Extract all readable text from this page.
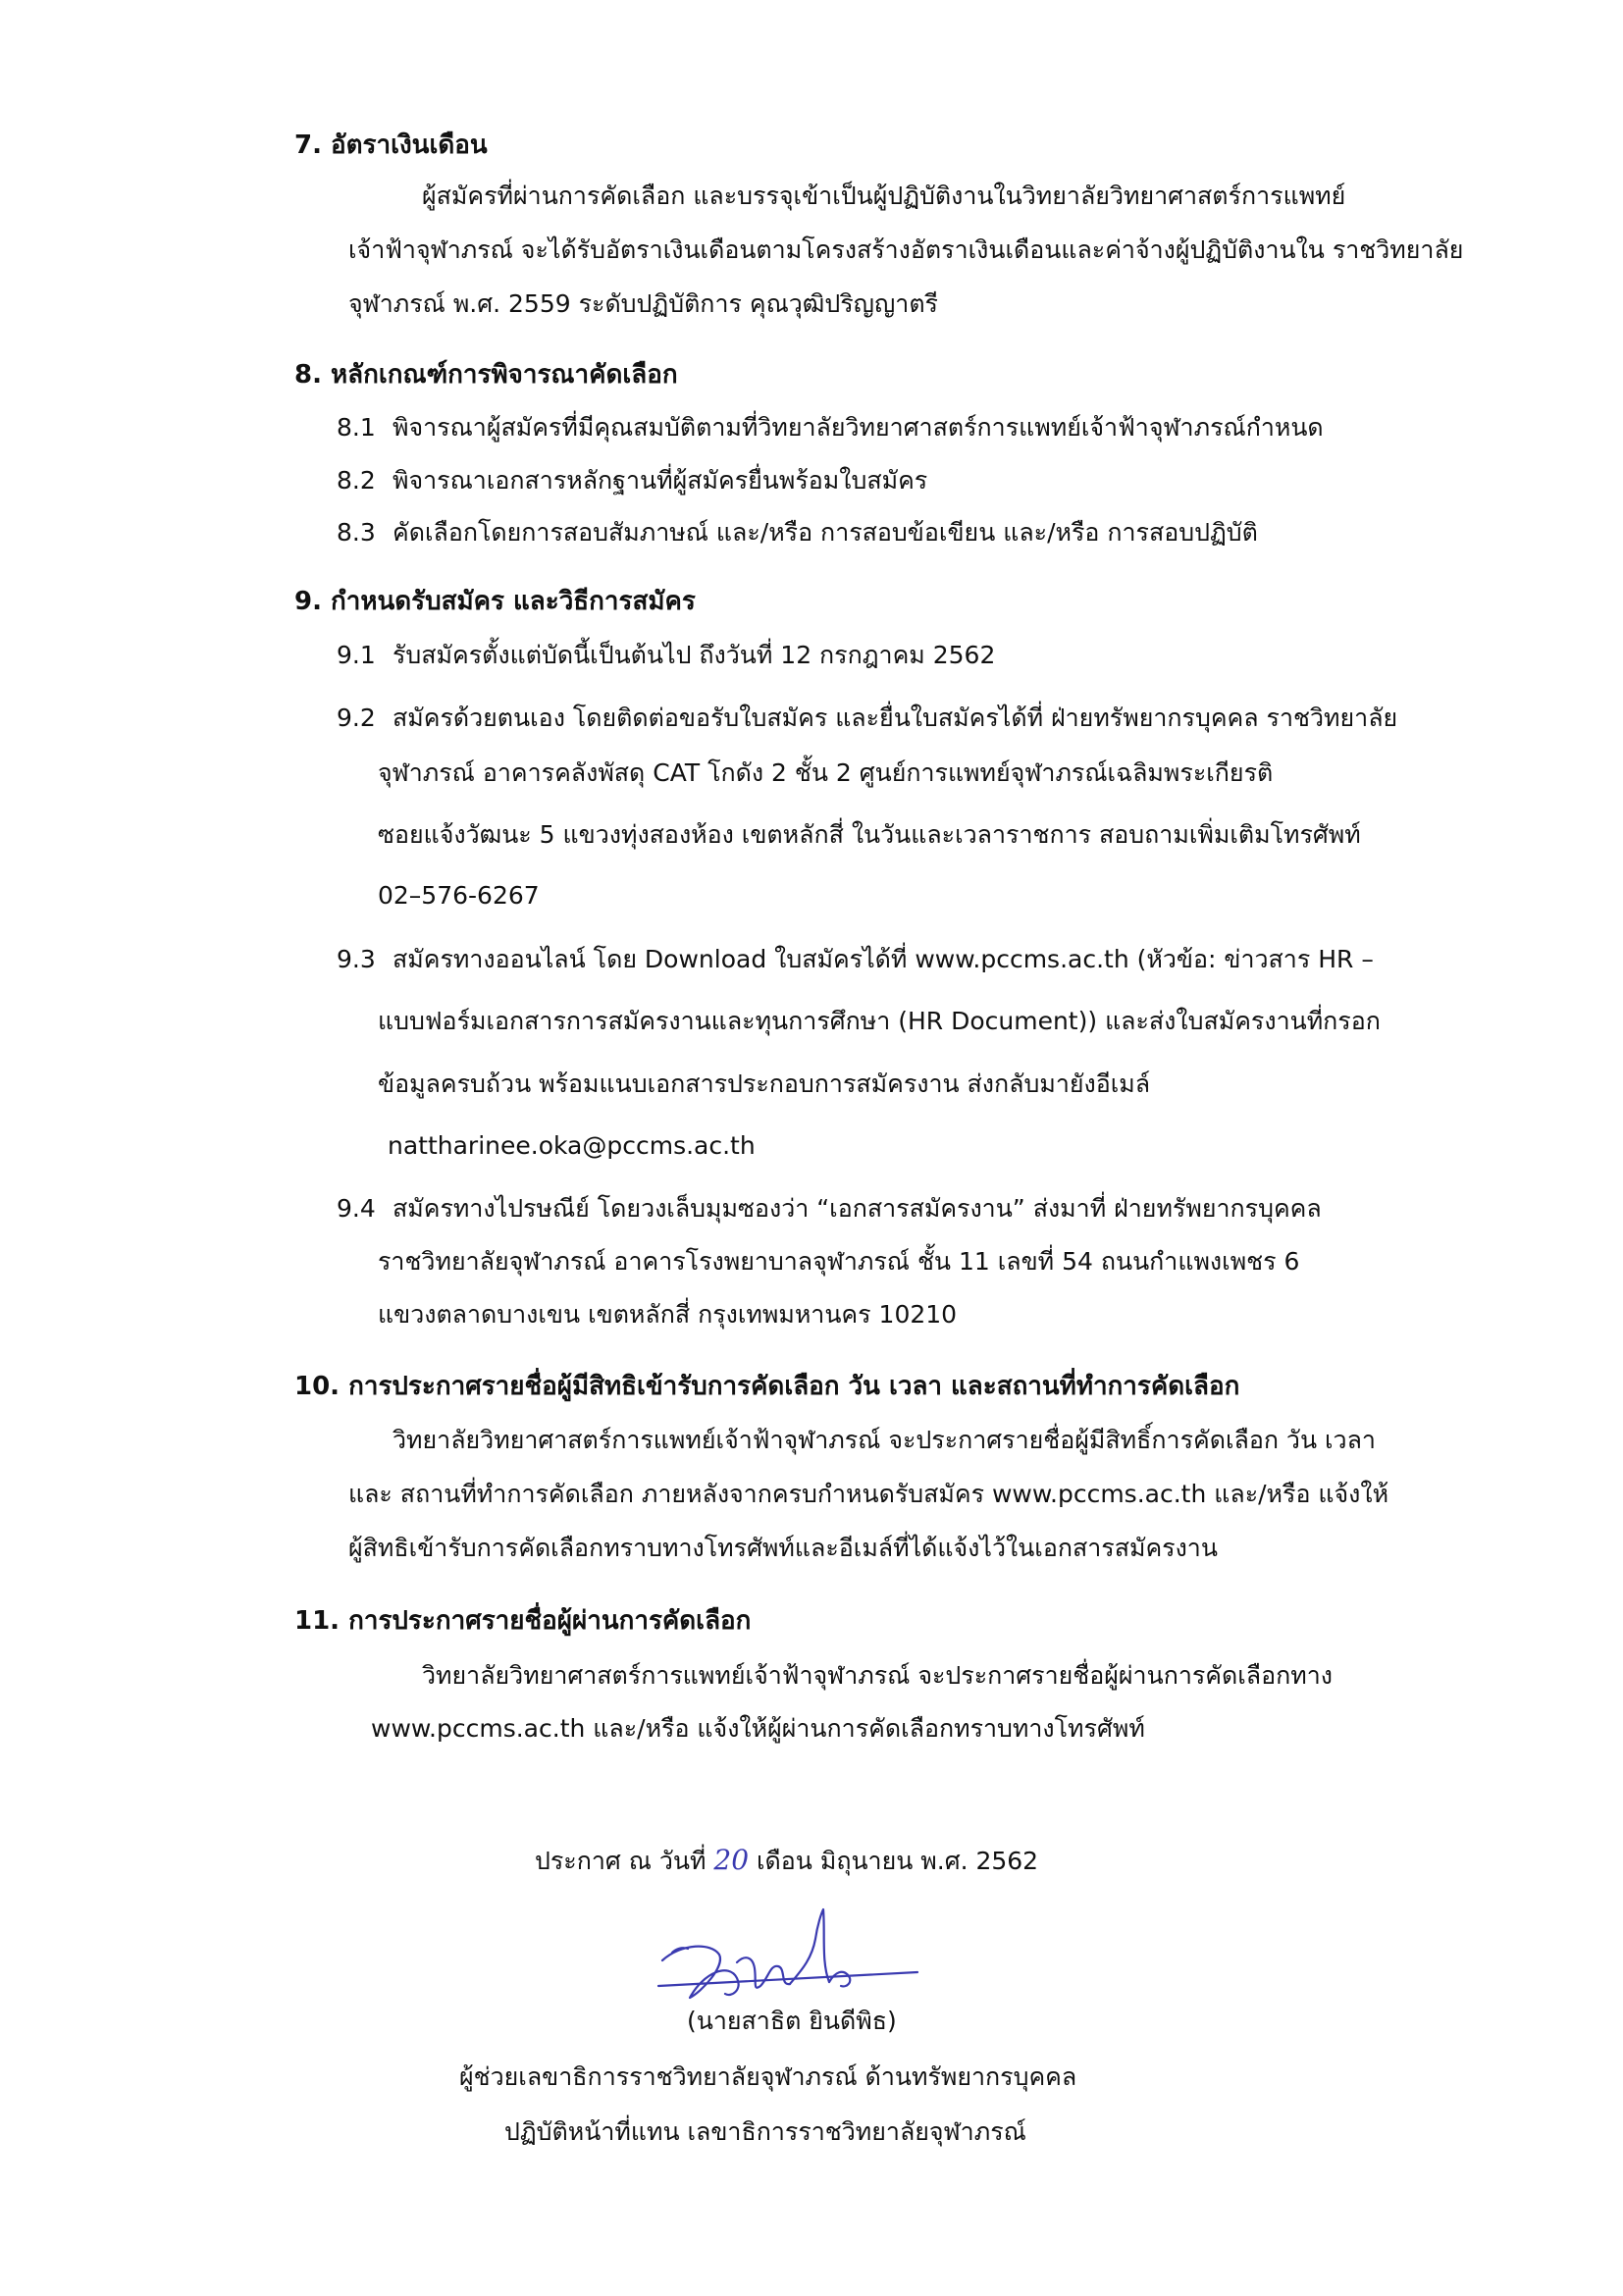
7. อัตราเงินเดือน
ผู้สมัครที่ผ่านการคัดเลือก และบรรจุเข้าเป็นผู้ปฏิบัติงานในวิทยาลัยวิทยาศาสตร์การแพทย์
เจ้าฟ้าจุฬาภรณ์ จะได้รับอัตราเงินเดือนตามโครงสร้างอัตราเงินเดือนและค่าจ้างผู้ปฏิบัติงานใน ราชวิทยาลัย
จุฬาภรณ์ พ.ศ. 2559 ระดับปฏิบัติการ คุณวุฒิปริญญาตรี
8. หลักเกณฑ์การพิจารณาคัดเลือก
8.1 พิจารณาผู้สมัครที่มีคุณสมบัติตามที่วิทยาลัยวิทยาศาสตร์การแพทย์เจ้าฟ้าจุฬาภรณ์กำหนด
8.2 พิจารณาเอกสารหลักฐานที่ผู้สมัครยื่นพร้อมใบสมัคร
8.3 คัดเลือกโดยการสอบสัมภาษณ์ และ/หรือ การสอบข้อเขียน และ/หรือ การสอบปฏิบัติ
9. กำหนดรับสมัคร และวิธีการสมัคร
9.1 รับสมัครตั้งแต่บัดนี้เป็นต้นไป ถึงวันที่ 12 กรกฎาคม 2562
9.2 สมัครด้วยตนเอง โดยติดต่อขอรับใบสมัคร และยื่นใบสมัครได้ที่ ฝ่ายทรัพยากรบุคคล ราชวิทยาลัย
จุฬาภรณ์ อาคารคลังพัสดุ CAT โกดัง 2 ชั้น 2 ศูนย์การแพทย์จุฬาภรณ์เฉลิมพระเกียรติ
ซอยแจ้งวัฒนะ 5 แขวงทุ่งสองห้อง เขตหลักสี่ ในวันและเวลาราชการ สอบถามเพิ่มเติมโทรศัพท์
02–576-6267
9.3 สมัครทางออนไลน์ โดย Download ใบสมัครได้ที่ www.pccms.ac.th (หัวข้อ: ข่าวสาร HR –
แบบฟอร์มเอกสารการสมัครงานและทุนการศึกษา (HR Document)) และส่งใบสมัครงานที่กรอก
ข้อมูลครบถ้วน พร้อมแนบเอกสารประกอบการสมัครงาน ส่งกลับมายังอีเมล์
nattharinee.oka@pccms.ac.th
9.4 สมัครทางไปรษณีย์ โดยวงเล็บมุมซองว่า “เอกสารสมัครงาน” ส่งมาที่ ฝ่ายทรัพยากรบุคคล
ราชวิทยาลัยจุฬาภรณ์ อาคารโรงพยาบาลจุฬาภรณ์ ชั้น 11 เลขที่ 54 ถนนกำแพงเพชร 6
แขวงตลาดบางเขน เขตหลักสี่ กรุงเทพมหานคร 10210
10. การประกาศรายชื่อผู้มีสิทธิเข้ารับการคัดเลือก วัน เวลา และสถานที่ทำการคัดเลือก
วิทยาลัยวิทยาศาสตร์การแพทย์เจ้าฟ้าจุฬาภรณ์ จะประกาศรายชื่อผู้มีสิทธิ์การคัดเลือก วัน เวลา
และ สถานที่ทำการคัดเลือก ภายหลังจากครบกำหนดรับสมัคร www.pccms.ac.th และ/หรือ แจ้งให้
ผู้สิทธิเข้ารับการคัดเลือกทราบทางโทรศัพท์และอีเมล์ที่ได้แจ้งไว้ในเอกสารสมัครงาน
11. การประกาศรายชื่อผู้ผ่านการคัดเลือก
วิทยาลัยวิทยาศาสตร์การแพทย์เจ้าฟ้าจุฬาภรณ์ จะประกาศรายชื่อผู้ผ่านการคัดเลือกทาง
www.pccms.ac.th และ/หรือ แจ้งให้ผู้ผ่านการคัดเลือกทราบทางโทรศัพท์
ประกาศ ณ วันที่ 20 เดือน มิถุนายน พ.ศ. 2562
(นายสาธิต ยินดีพิธ)
ผู้ช่วยเลขาธิการราชวิทยาลัยจุฬาภรณ์ ด้านทรัพยากรบุคคล
ปฏิบัติหน้าที่แทน เลขาธิการราชวิทยาลัยจุฬาภรณ์
